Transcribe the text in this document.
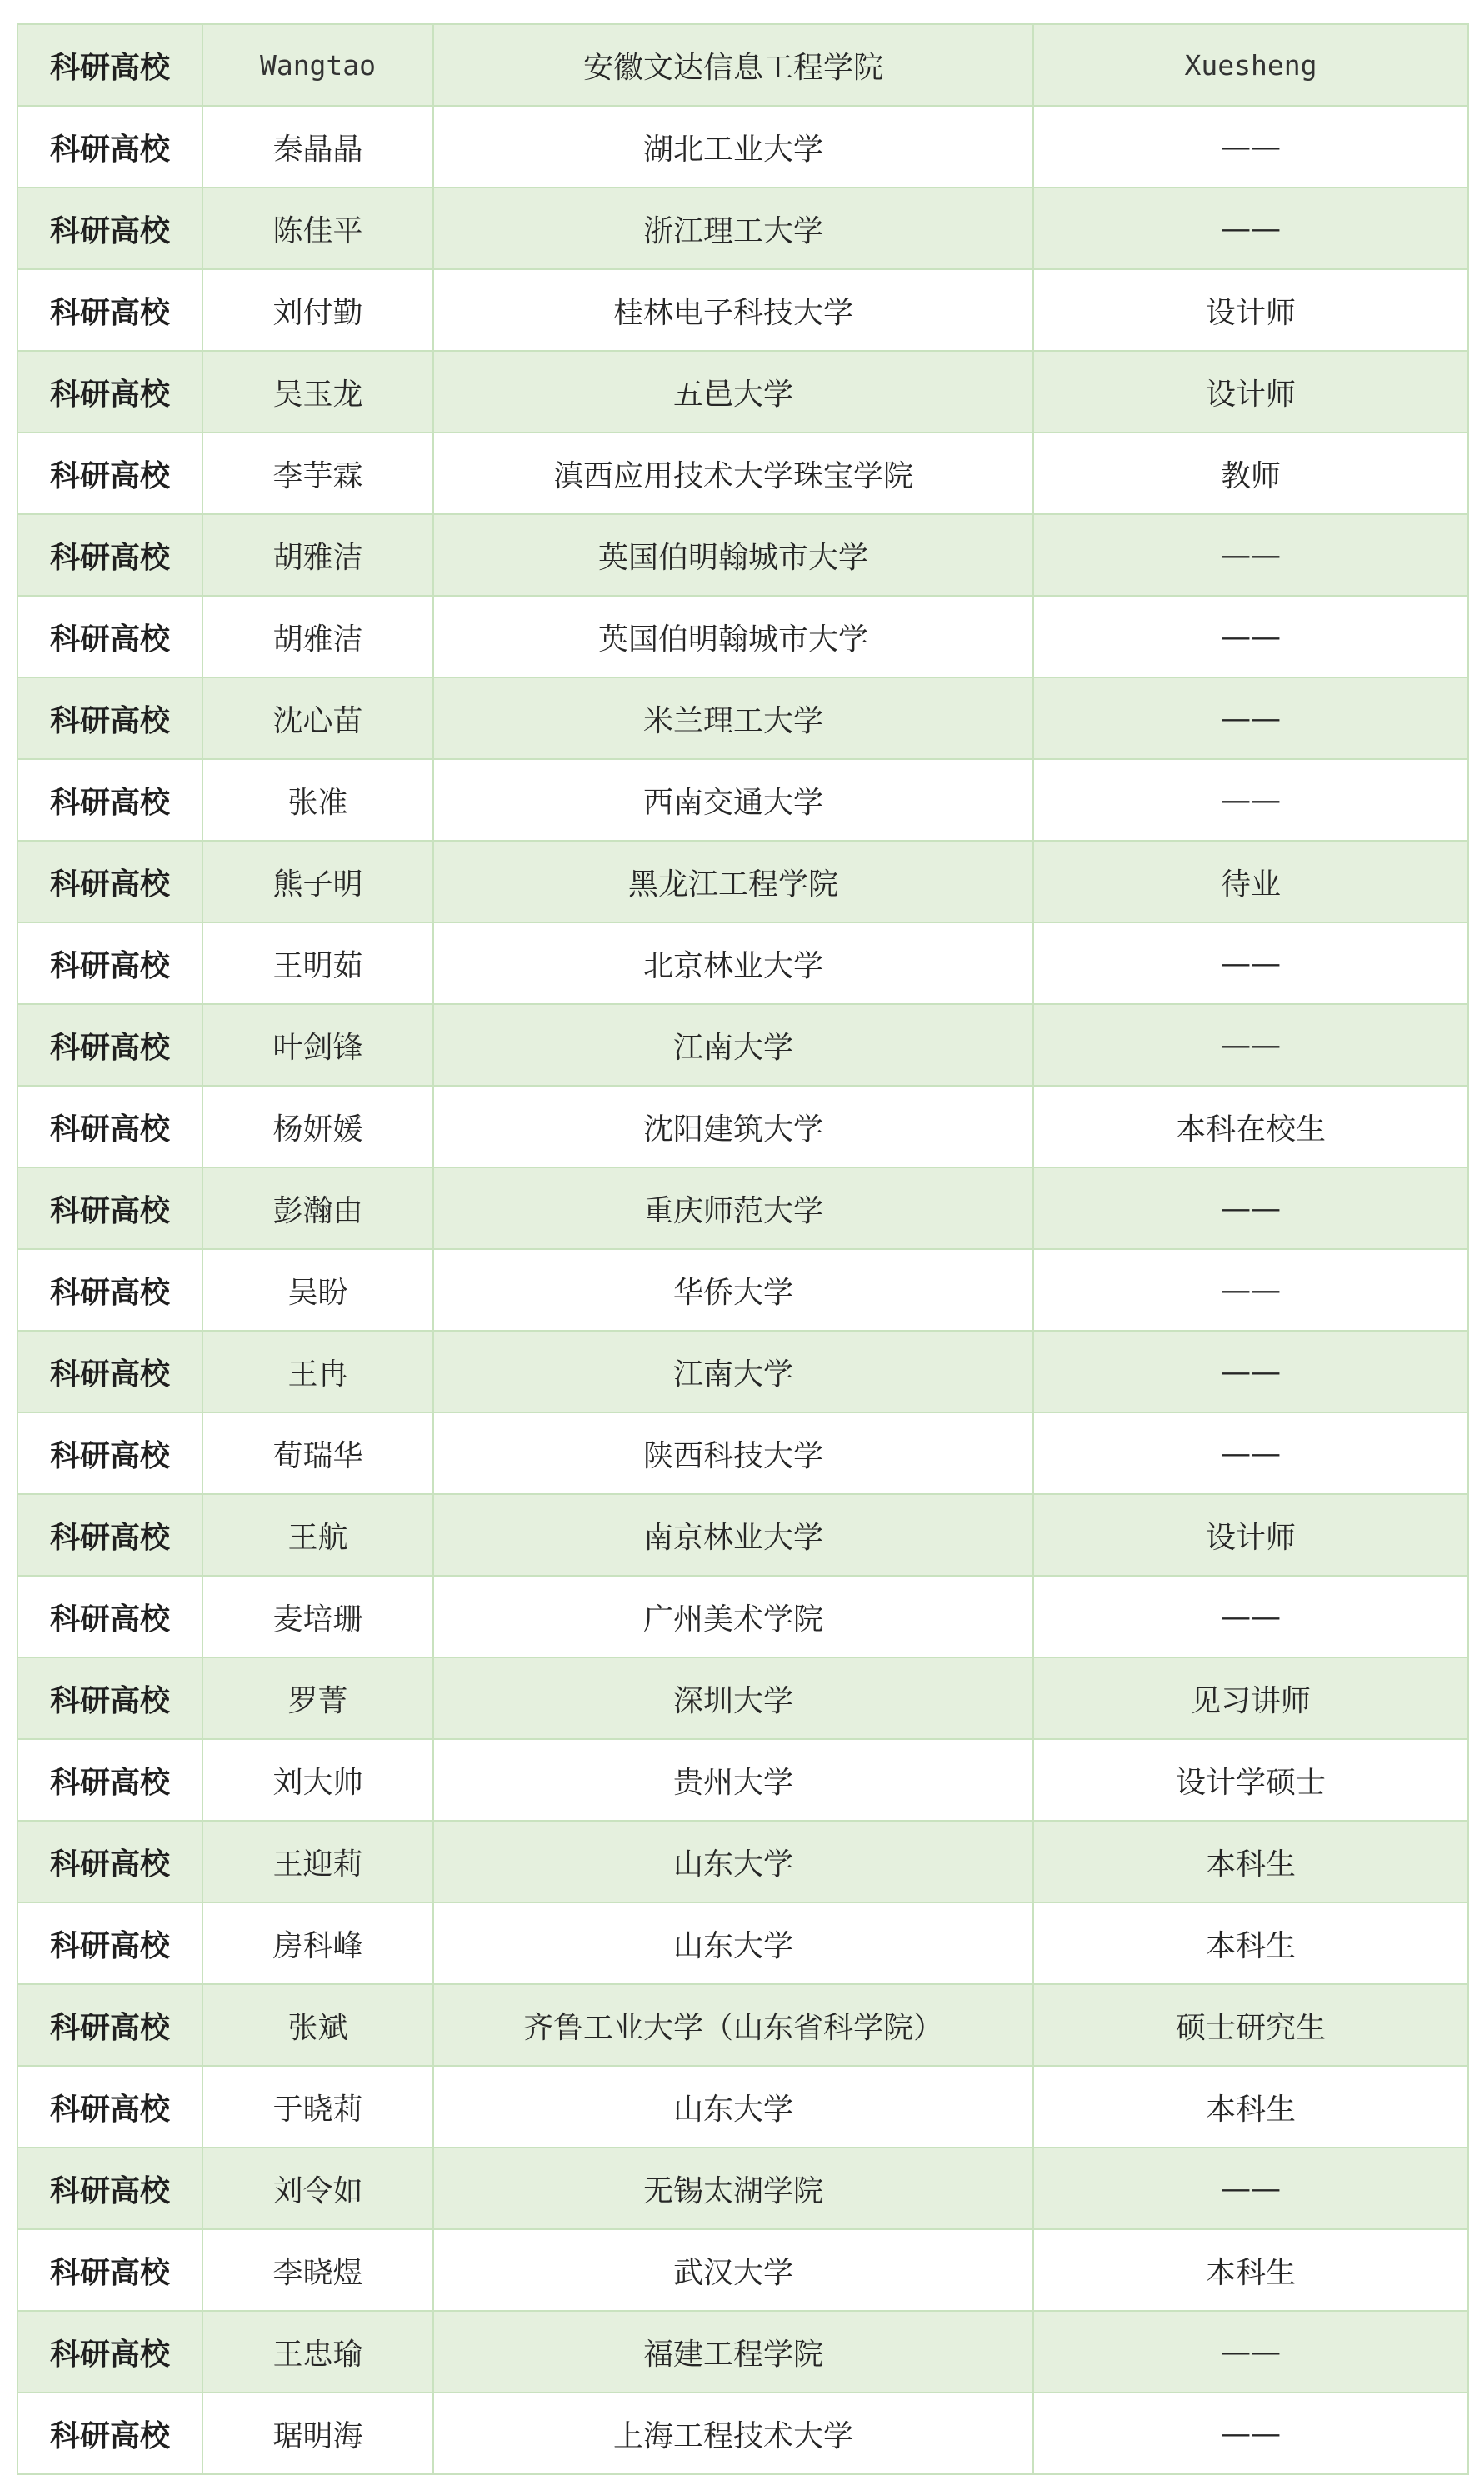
科研高校	Wangtao	安徽文达信息工程学院	Xuesheng
科研高校	秦晶晶	湖北工业大学	——
科研高校	陈佳平	浙江理工大学	——
科研高校	刘付勤	桂林电子科技大学	设计师
科研高校	吴玉龙	五邑大学	设计师
科研高校	李芋霖	滇西应用技术大学珠宝学院	教师
科研高校	胡雅洁	英国伯明翰城市大学	——
科研高校	胡雅洁	英国伯明翰城市大学	——
科研高校	沈心苗	米兰理工大学	——
科研高校	张准	西南交通大学	——
科研高校	熊子明	黑龙江工程学院	待业
科研高校	王明茹	北京林业大学	——
科研高校	叶剑锋	江南大学	——
科研高校	杨妍媛	沈阳建筑大学	本科在校生
科研高校	彭瀚由	重庆师范大学	——
科研高校	吴盼	华侨大学	——
科研高校	王冉	江南大学	——
科研高校	荀瑞华	陕西科技大学	——
科研高校	王航	南京林业大学	设计师
科研高校	麦培珊	广州美术学院	——
科研高校	罗菁	深圳大学	见习讲师
科研高校	刘大帅	贵州大学	设计学硕士
科研高校	王迎莉	山东大学	本科生
科研高校	房科峰	山东大学	本科生
科研高校	张斌	齐鲁工业大学（山东省科学院）	硕士研究生
科研高校	于晓莉	山东大学	本科生
科研高校	刘令如	无锡太湖学院	——
科研高校	李晓煜	武汉大学	本科生
科研高校	王忠瑜	福建工程学院	——
科研高校	琚明海	上海工程技术大学	——
